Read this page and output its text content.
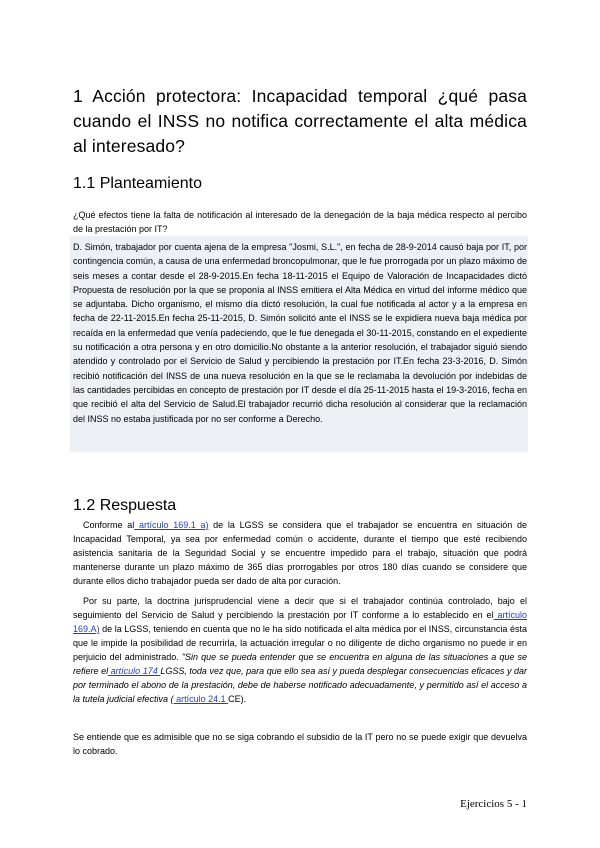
1 Acción protectora: Incapacidad temporal ¿qué pasa cuando el INSS no notifica correctamente el alta médica al interesado?
1.1 Planteamiento
¿Qué efectos tiene la falta de notificación al interesado de la denegación de la baja médica respecto al percibo de la prestación por IT?

D. Simón, trabajador por cuenta ajena de la empresa "Josmi, S.L.", en fecha de 28-9-2014 causó baja por IT, por contingencia común, a causa de una enfermedad broncopulmonar, que le fue prorrogada por un plazo máximo de seis meses a contar desde el 28-9-2015.En fecha 18-11-2015 el Equipo de Valoración de Incapacidades dictó Propuesta de resolución por la que se proponía al INSS emitiera el Alta Médica en virtud del informe médico que se adjuntaba. Dicho organismo, el mismo día dictó resolución, la cual fue notificada al actor y a la empresa en fecha de 22-11-2015.En fecha 25-11-2015, D. Simón solicitó ante el INSS se le expidiera nueva baja médica por recaída en la enfermedad que venía padeciendo, que le fue denegada el 30-11-2015, constando en el expediente su notificación a otra persona y en otro domicilio.No obstante a la anterior resolución, el trabajador siguió siendo atendido y controlado por el Servicio de Salud y percibiendo la prestación por IT.En fecha 23-3-2016, D. Simón recibió notificación del INSS de una nueva resolución en la que se le reclamaba la devolución por indebidas de las cantidades percibidas en concepto de prestación por IT desde el día 25-11-2015 hasta el 19-3-2016, fecha en que recibió el alta del Servicio de Salud.El trabajador recurrió dicha resolución al considerar que la reclamación del INSS no estaba justificada por no ser conforme a Derecho.

1.2 Respuesta

Conforme al artículo 169.1 a) de la LGSS se considera que el trabajador se encuentra en situación de Incapacidad Temporal, ya sea por enfermedad común o accidente, durante el tiempo que esté recibiendo asistencia sanitaria de la Seguridad Social y se encuentre impedido para el trabajo, situación que podrá mantenerse durante un plazo máximo de 365 días prorrogables por otros 180 días cuando se considere que durante ellos dicho trabajador pueda ser dado de alta por curación.

Por su parte, la doctrina jurisprudencial viene a decir que si el trabajador continúa controlado, bajo el seguimiento del Servicio de Salud y percibiendo la prestación por IT conforme a lo establecido en el artículo 169.A) de la LGSS, teniendo en cuenta que no le ha sido notificada el alta médica por el INSS, circunstancia ésta que le impide la posibilidad de recurrirla, la actuación irregular o no diligente de dicho organismo no puede ir en perjuicio del administrado. "Sin que se pueda entender que se encuentra en alguna de las situaciones a que se refiere el artículo 174 LGSS, toda vez que, para que ello sea así y pueda desplegar consecuencias eficaces y dar por terminado el abono de la prestación, debe de haberse notificado adecuadamente, y permitido así el acceso a la tutela judicial efectiva ( artículo 24.1 CE).

Se entiende que es admisible que no se siga cobrando el subsidio de la IT pero no se puede exigir que devuelva lo cobrado.

Ejercicios 5 - 1
